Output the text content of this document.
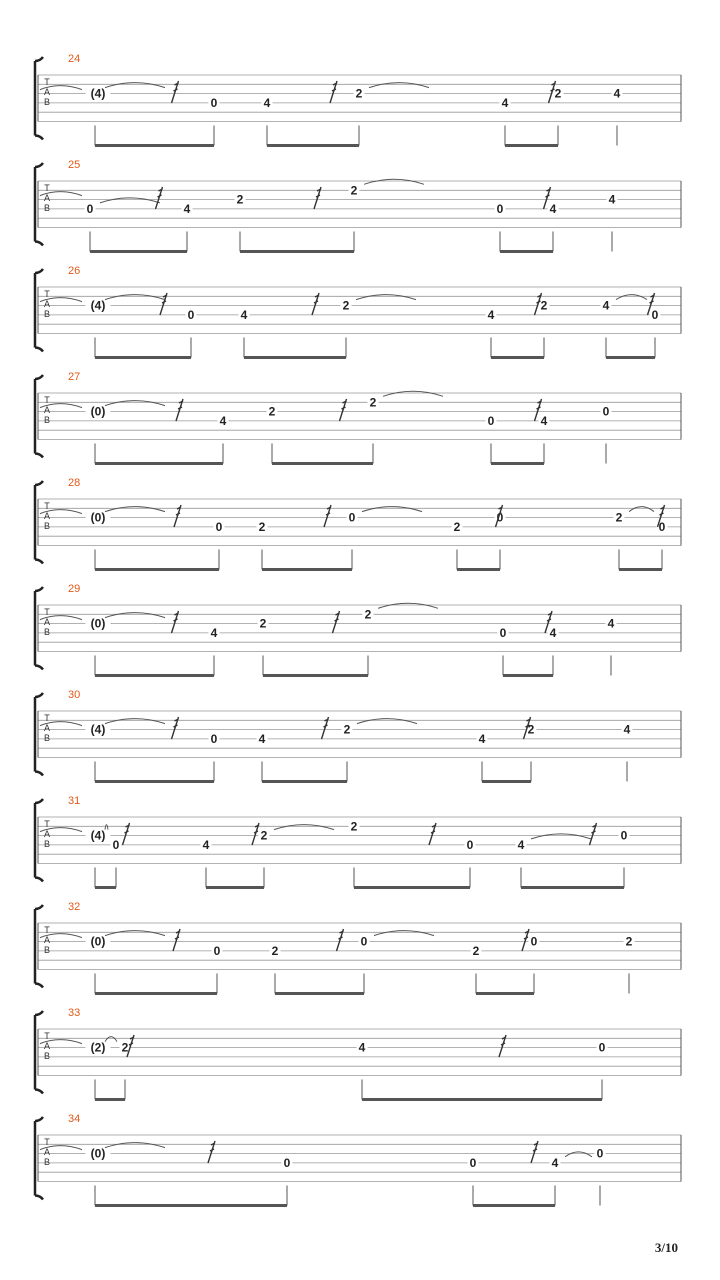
T
A
B
24
(4)
0	4
2
4
2	4
T
A
B
25
0	4
2
2
0	4
4
T
A
B
26
(4)
0	4
2
4
2	4
0
T
A
B
27
(0)
4
2
2
0	4
0
T
A
B
28
(0)
0	2
0
2
0	2
0
T
A
B
29
(0)
4
2
2
0	4
4
T
A
B
30
(4)
0	4
2
4
2	4
T
A
B
31
(4)
0	4
2
2
0	4
0
T
A
B
32
(0)
0	2
0
2
0	2
T
A
B
33
(2) 2	4	0
T
A
B
34
(0)
0	0	4
0
3/10
